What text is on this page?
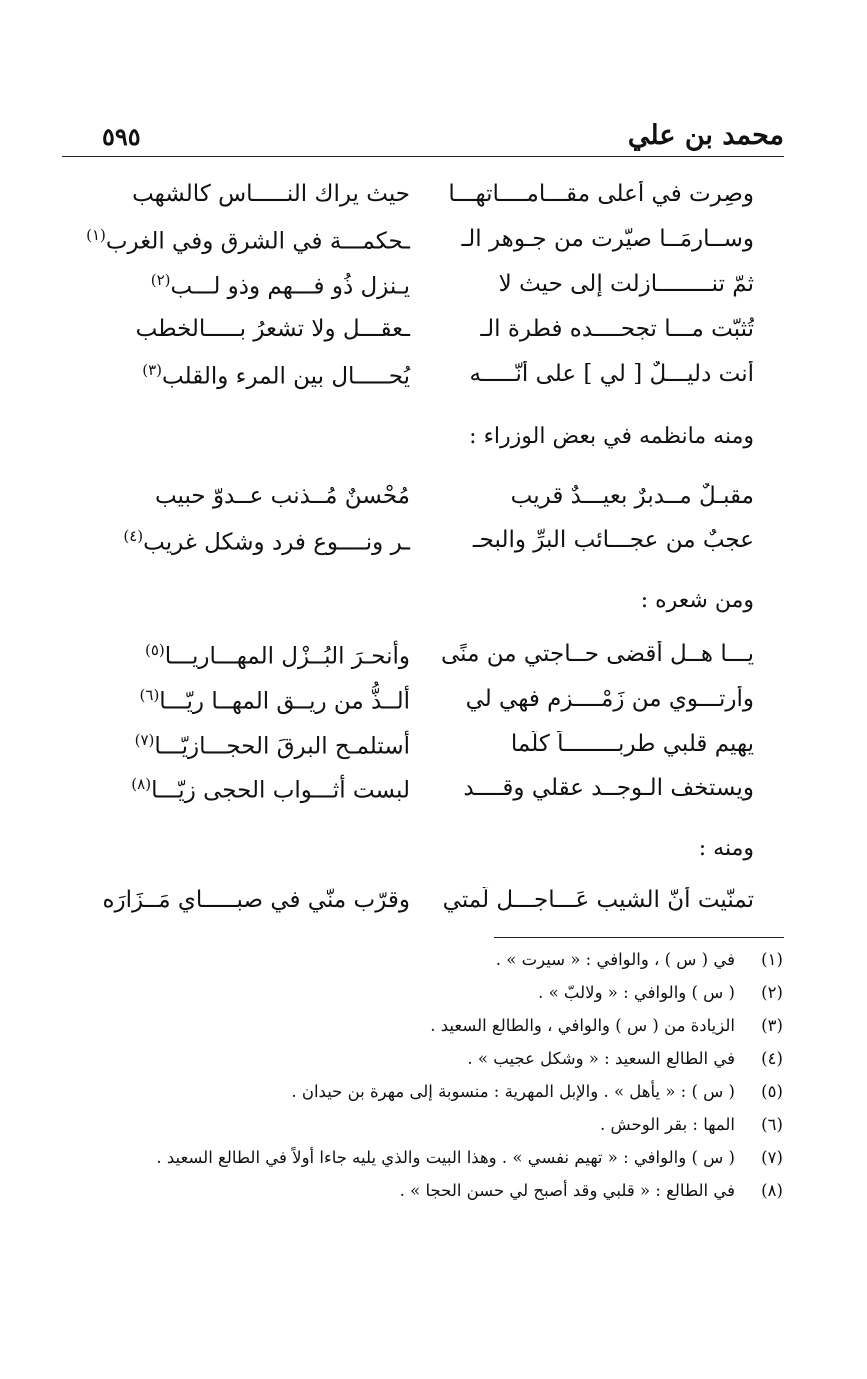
محمد بن علي
٥٩٥
وصِرت في أعلى مقـــامــــاتهـــا
حيث يراك النـــــاس كالشهب
وســارمَــا صيّرت من جـوهر الـ
ـحكمـــة في الشرق وفي الغرب$^{(١)}$
ثمّ تنــــــــازلت إلى حيث لا
يـنزل ذُو فـــهم وذو لـــب$^{(٢)}$
تُثبّت مـــا تجحــــده فطرة الـ
ـعقـــل ولا تشعرُ بـــــالخطب
أنت دليـــلٌ [ لي ] على أنّـــــه
يُحـــــال بين المرء والقلب$^{(٣)}$
ومنه مانظمه في بعض الوزراء :
مقبـلٌ مــدبرٌ بعيـــدٌ قريب
مُحْسنٌ مُــذنب عــدوّ حبيب
عجبٌ من عجـــائب البرِّ والبحـ
ـر ونــــوع فرد وشكل غريب$^{(٤)}$
ومن شعره :
يـــا هــل أقضى حــاجتي من منًى
وأنحـرَ البُــزْل المهـــاريـــا$^{(٥)}$
وأرتـــوي من زَمْــــزم فهي لي
ألــذُّ من ريــق المهــا ريّـــا$^{(٦)}$
يهيم قلبي طربــــــــاً كلّما
أستلمـح البرقَ الحجـــازيّـــا$^{(٧)}$
ويستخف الـوجــد عقلي وقــــد
لبست أثـــواب الحجى زيّـــا$^{(٨)}$
ومنه :
تمنّيت أنّ الشيب عَـــاجـــل لّمتي
وقرّب منّي في صبـــــاي مَــزَارَه
(١)
في ( س ) ، والوافي : « سيرت » .
(٢)
( س ) والوافي : « ولالبّ » .
(٣)
الزيادة من ( س ) والوافي ، والطالع السعيد .
(٤)
في الطالع السعيد : « وشكل عجيب » .
(٥)
( س ) : « يأهل » . والإبل المهرية : منسوبة إلى مهرة بن حيدان .
(٦)
المها : بقر الوحش .
(٧)
( س ) والوافي : « تهيم نفسي » . وهذا البيت والذي يليه جاءا أولاً في الطالع السعيد .
(٨)
في الطالع : « قلبي وقد أصبح لي حسن الحجا » .
